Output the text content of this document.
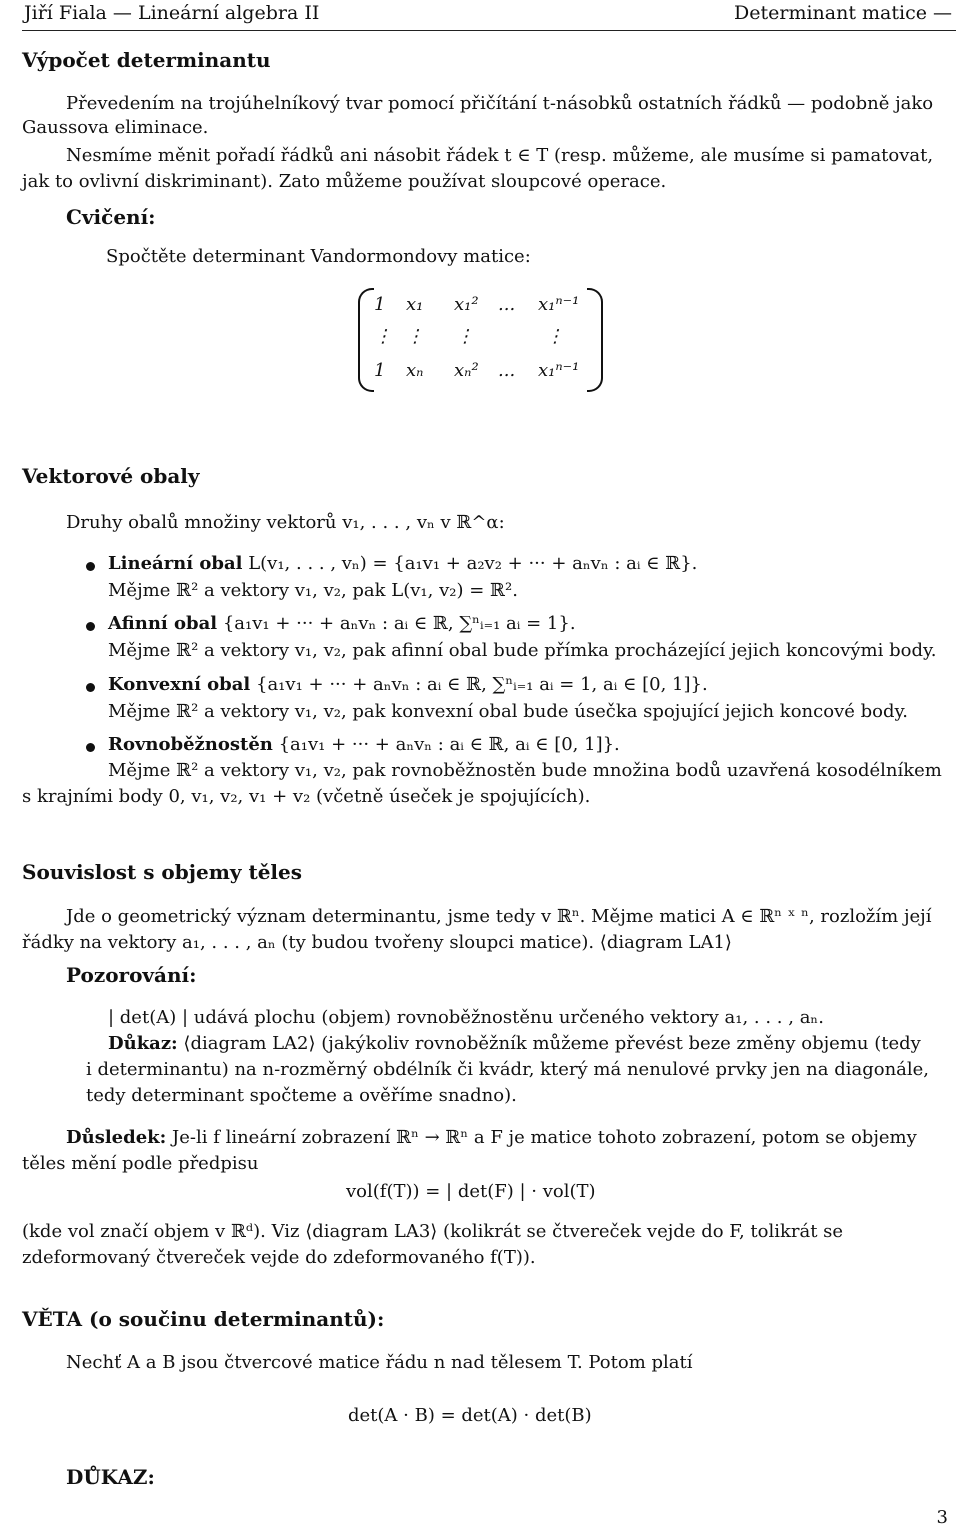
Jiří Fiala — Lineární algebra II	Determinant matice —
Výpočet determinantu
Převedením na trojúhelníkový tvar pomocí přičítání t-násobků ostatních řádků — podobně jako
Gaussova eliminace.
Nesmíme měnit pořadí řádků ani násobit řádek t ∈ T (resp. můžeme, ale musíme si pamatovat,
jak to ovlivní diskriminant). Zato můžeme používat sloupcové operace.
Cvičení:
Spočtěte determinant Vandormondovy matice:
1 x₁ x₁² ... x₁ⁿ⁻¹
⋮ ⋮ ⋮	⋮
1 xₙ xₙ² ... x₁ⁿ⁻¹
Vektorové obaly
Druhy obalů množiny vektorů v₁, . . . , vₙ v ℝ^α:
Lineární obal L(v₁, . . . , vₙ) = {a₁v₁ + a₂v₂ + ··· + aₙvₙ : aᵢ ∈ ℝ}.
Mějme ℝ² a vektory v₁, v₂, pak L(v₁, v₂) = ℝ².
Afinní obal {a₁v₁ + ··· + aₙvₙ : aᵢ ∈ ℝ, ∑ⁿᵢ₌₁ aᵢ = 1}.
Mějme ℝ² a vektory v₁, v₂, pak afinní obal bude přímka procházející jejich koncovými body.
Konvexní obal {a₁v₁ + ··· + aₙvₙ : aᵢ ∈ ℝ, ∑ⁿᵢ₌₁ aᵢ = 1, aᵢ ∈ [0, 1]}.
Mějme ℝ² a vektory v₁, v₂, pak konvexní obal bude úsečka spojující jejich koncové body.
Rovnoběžnostěn {a₁v₁ + ··· + aₙvₙ : aᵢ ∈ ℝ, aᵢ ∈ [0, 1]}.
Mějme ℝ² a vektory v₁, v₂, pak rovnoběžnostěn bude množina bodů uzavřená kosodélníkem
s krajními body 0, v₁, v₂, v₁ + v₂ (včetně úseček je spojujících).
Souvislost s objemy těles
Jde o geometrický význam determinantu, jsme tedy v ℝⁿ. Mějme matici A ∈ ℝⁿ ˣ ⁿ, rozložím její
řádky na vektory a₁, . . . , aₙ (ty budou tvořeny sloupci matice). ⟨diagram LA1⟩
Pozorování:
| det(A) | udává plochu (objem) rovnoběžnostěnu určeného vektory a₁, . . . , aₙ.
Důkaz: ⟨diagram LA2⟩ (jakýkoliv rovnoběžník můžeme převést beze změny objemu (tedy
i determinantu) na n-rozměrný obdélník či kvádr, který má nenulové prvky jen na diagonále,
tedy determinant spočteme a ověříme snadno).
Důsledek: Je-li f lineární zobrazení ℝⁿ → ℝⁿ a F je matice tohoto zobrazení, potom se objemy
těles mění podle předpisu
vol(f(T)) = | det(F) | · vol(T)
(kde vol značí objem v ℝᵈ). Viz ⟨diagram LA3⟩ (kolikrát se čtvereček vejde do F, tolikrát se
zdeformovaný čtvereček vejde do zdeformovaného f(T)).
VĚTA (o součinu determinantů):
Nechť A a B jsou čtvercové matice řádu n nad tělesem T. Potom platí
det(A · B) = det(A) · det(B)
DŮKAZ:
3
